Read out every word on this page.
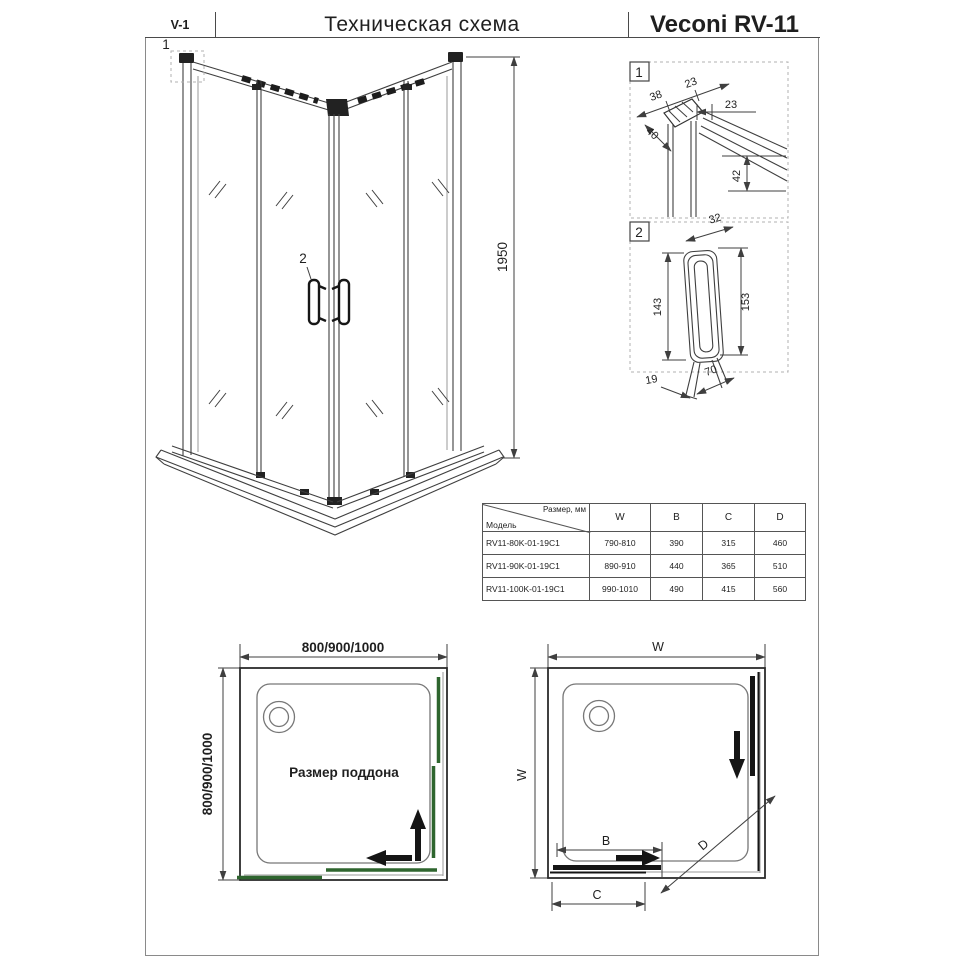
V-1	Техническая схема	Veconi RV-11
1
2	1950
1
38
23
23
40
42
2
32
143	153
19
70
800/900/1000
800/900/1000	Размер поддона
W
W
B
C
D
Размер, мм
Модель	W	B	C	D
RV11-80K-01-19C1	790-810	390	315	460
RV11-90K-01-19C1	890-910	440	365	510
RV11-100K-01-19C1	990-1010	490	415	560
